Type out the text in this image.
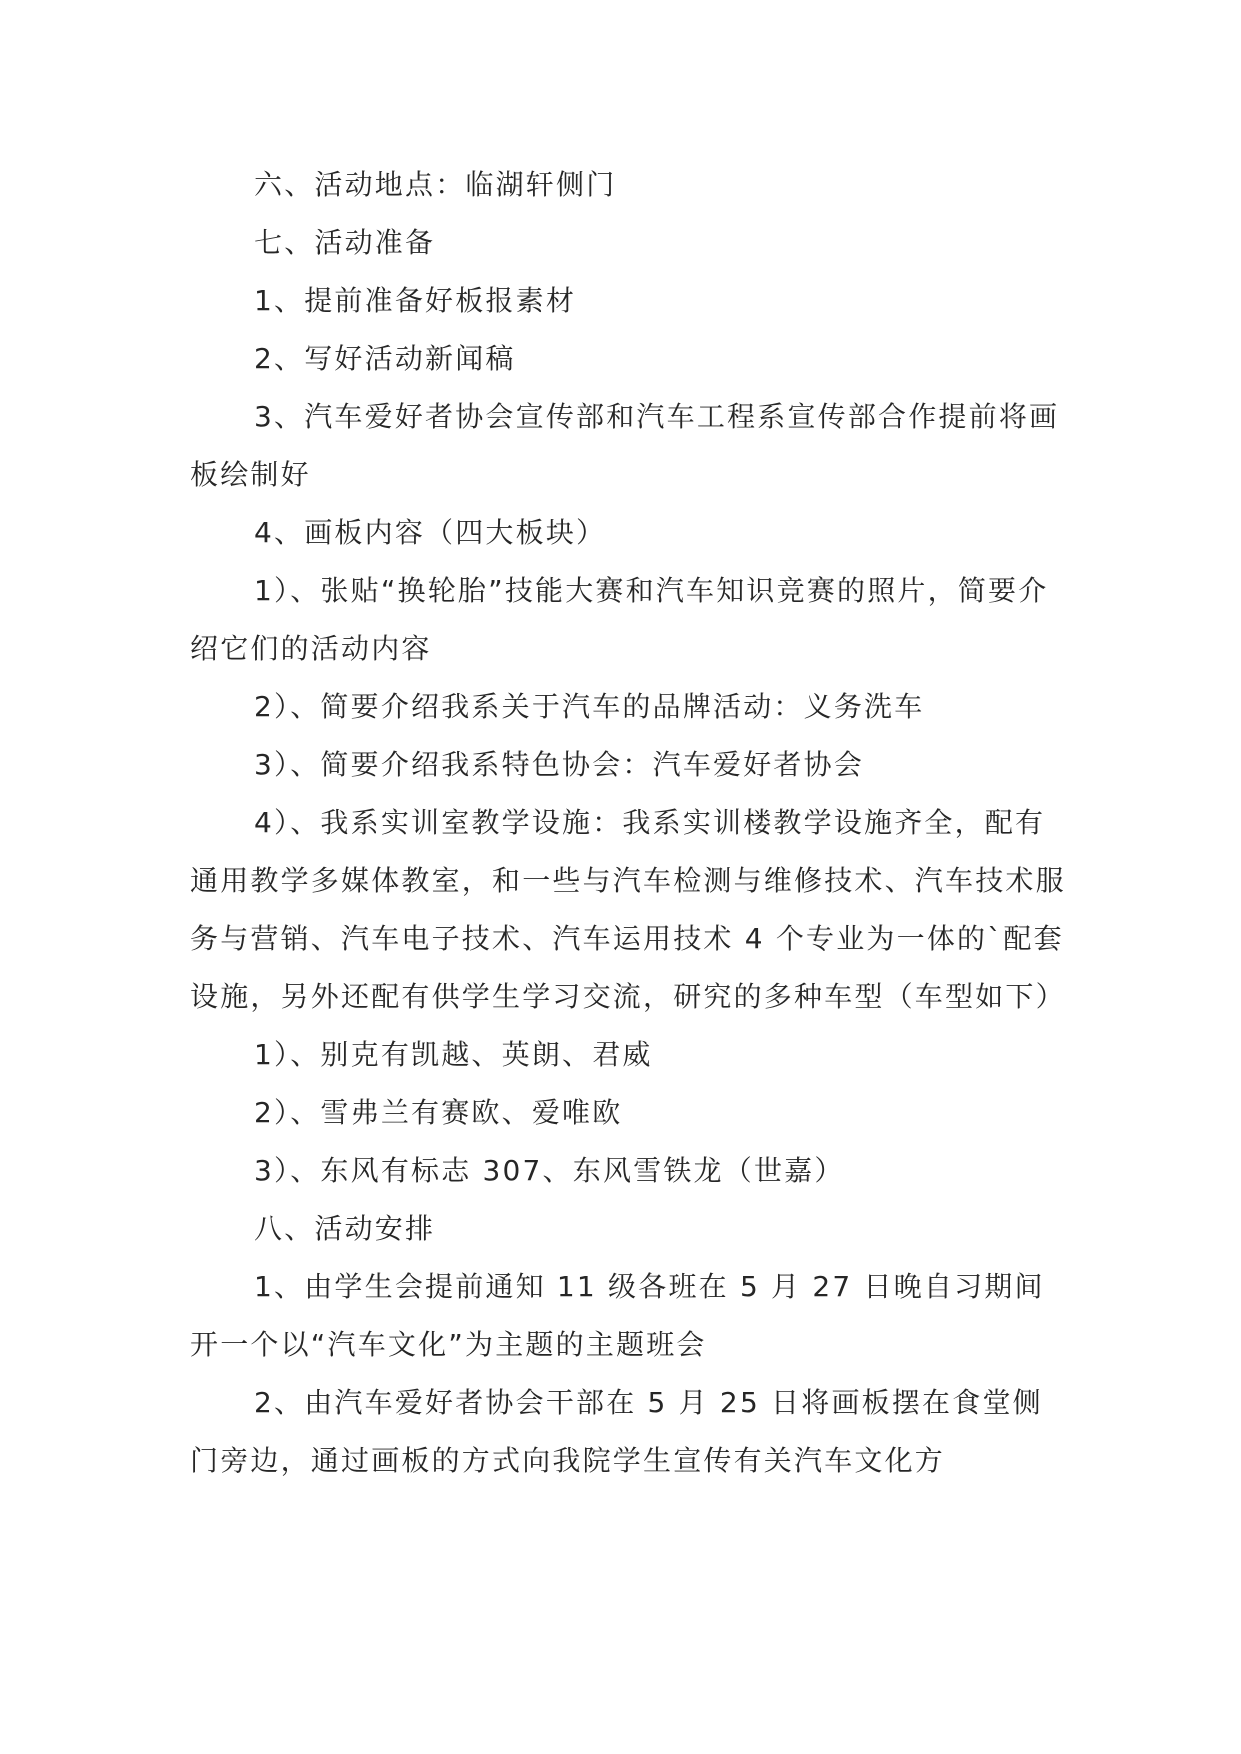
六、活动地点：临湖轩侧门

七、活动准备

1、提前准备好板报素材

2、写好活动新闻稿

3、汽车爱好者协会宣传部和汽车工程系宣传部合作提前将画板绘制好

4、画板内容（四大板块）

1）、张贴“换轮胎”技能大赛和汽车知识竞赛的照片，简要介绍它们的活动内容

2）、简要介绍我系关于汽车的品牌活动：义务洗车

3）、简要介绍我系特色协会：汽车爱好者协会

4）、我系实训室教学设施：我系实训楼教学设施齐全，配有通用教学多媒体教室，和一些与汽车检测与维修技术、汽车技术服务与营销、汽车电子技术、汽车运用技术 4 个专业为一体的`配套设施，另外还配有供学生学习交流，研究的多种车型（车型如下）

1）、别克有凯越、英朗、君威

2）、雪弗兰有赛欧、爱唯欧

3）、东风有标志 307、东风雪铁龙（世嘉）

八、活动安排

1、由学生会提前通知 11 级各班在 5 月 27 日晚自习期间开一个以“汽车文化”为主题的主题班会

2、由汽车爱好者协会干部在 5 月 25 日将画板摆在食堂侧门旁边，通过画板的方式向我院学生宣传有关汽车文化方
